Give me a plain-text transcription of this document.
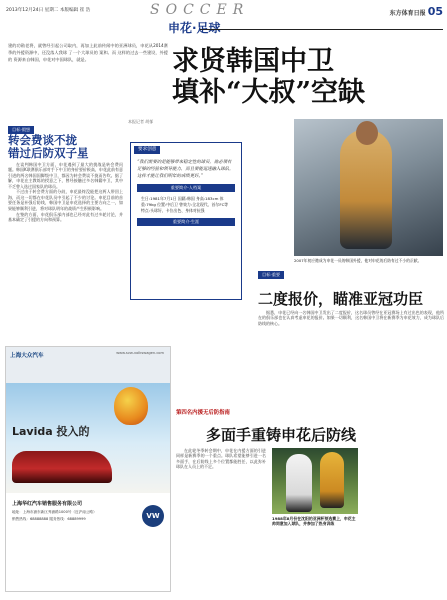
2013年12月24日 星期二 本版编辑 崔 浩	SOCCER	东方体育日报 05
申花·足球
建的功勋老将，就曾经引起公司取内，再加上此前传闻中的亚洲球员，申花从2014赛季的外援资源中，还没落人我球 了一个大球员的 案和。而 这样的过去一些建设，外援的 资源来自韩国，申花对中国球队，就是。
本报记者 胡郁
求贤韩国中卫
填补“大叔”空缺
目标·假想
转会费谈不拢
错过后防双子星

在谈判韩国中卫方面，申花遇到了最大的挑战是转会费问题。韩国K联赛俱乐部对手下中卫的身价要价极高，申花此前有意引进的两名韩国国脚级中卫，都因为转会费谈不拢而告吹。据了解，申花在主教练的授意之下，曾经接触过多名韩籍中卫，其中不乏曾入选过国家队的球员。

不过由于转会费方面的分歧，申花最终没能把这两人带回上海，而这一切都在申花队员中引起了不少的讨论。申花目前的首要任务是补强后防线，韩国中卫是申花选择的主要方向之一，如果能够顺利引进，将对球队明年的战绩产生积极影响。

在签约方面，申花俱乐部内部也已经对此有过多轮讨论，并基本确定了引援的方向和预算。

要求创意
“我们需要的是能够带来稳定性的球员，他必须有足够的经验和领导能力，而且要能迅速融入球队，这样才能让我们明年的成绩更好。”
重要简介·人档案
生日:1981年7月1日 国籍:韩国 身高:183cm 体重:79kg 位置:中后卫 曾效力:全北现代、首尔FC等 特点:头球好、卡位出色、身体对抗强
重要简介·生涯
2007年初应邀成为申花一员的韩国外援，他对申花的后防有过不小的贡献。
目标·重要
二度报价，瞄准亚冠功臣

据悉，申花已经向一名韩国中卫发出了二度报价，这名球员曾经在亚冠赛场上有过出色的表现，他所在的俱乐部也在认真考虑申花的报价。如果一切顺利，这名韩国中卫将在新赛季为申花效力，成为球队后防线的核心。

上海大众汽车	www.svw-volkswagen.com
Lavida 投入的
上海华红汽车销售服务有限公司
地址：上海市浦东新区秀浦路1000号（近沪南公路）
销售热线：68888888 服务热线：68889999	VW
第四名内援无后防指南
多面手重铸申花后防线

在此轮冬季转会期中，申花在内援方面的引进同样是新赛季的一个重点。球队希望能够引进一名多面手，在后防线上多个位置都能胜任，以此弥补球队在人员上的不足。

1988年8月份在沈阳的亚洲杯预选赛上，申花主帅同意加入球队，并参加了热身训练
